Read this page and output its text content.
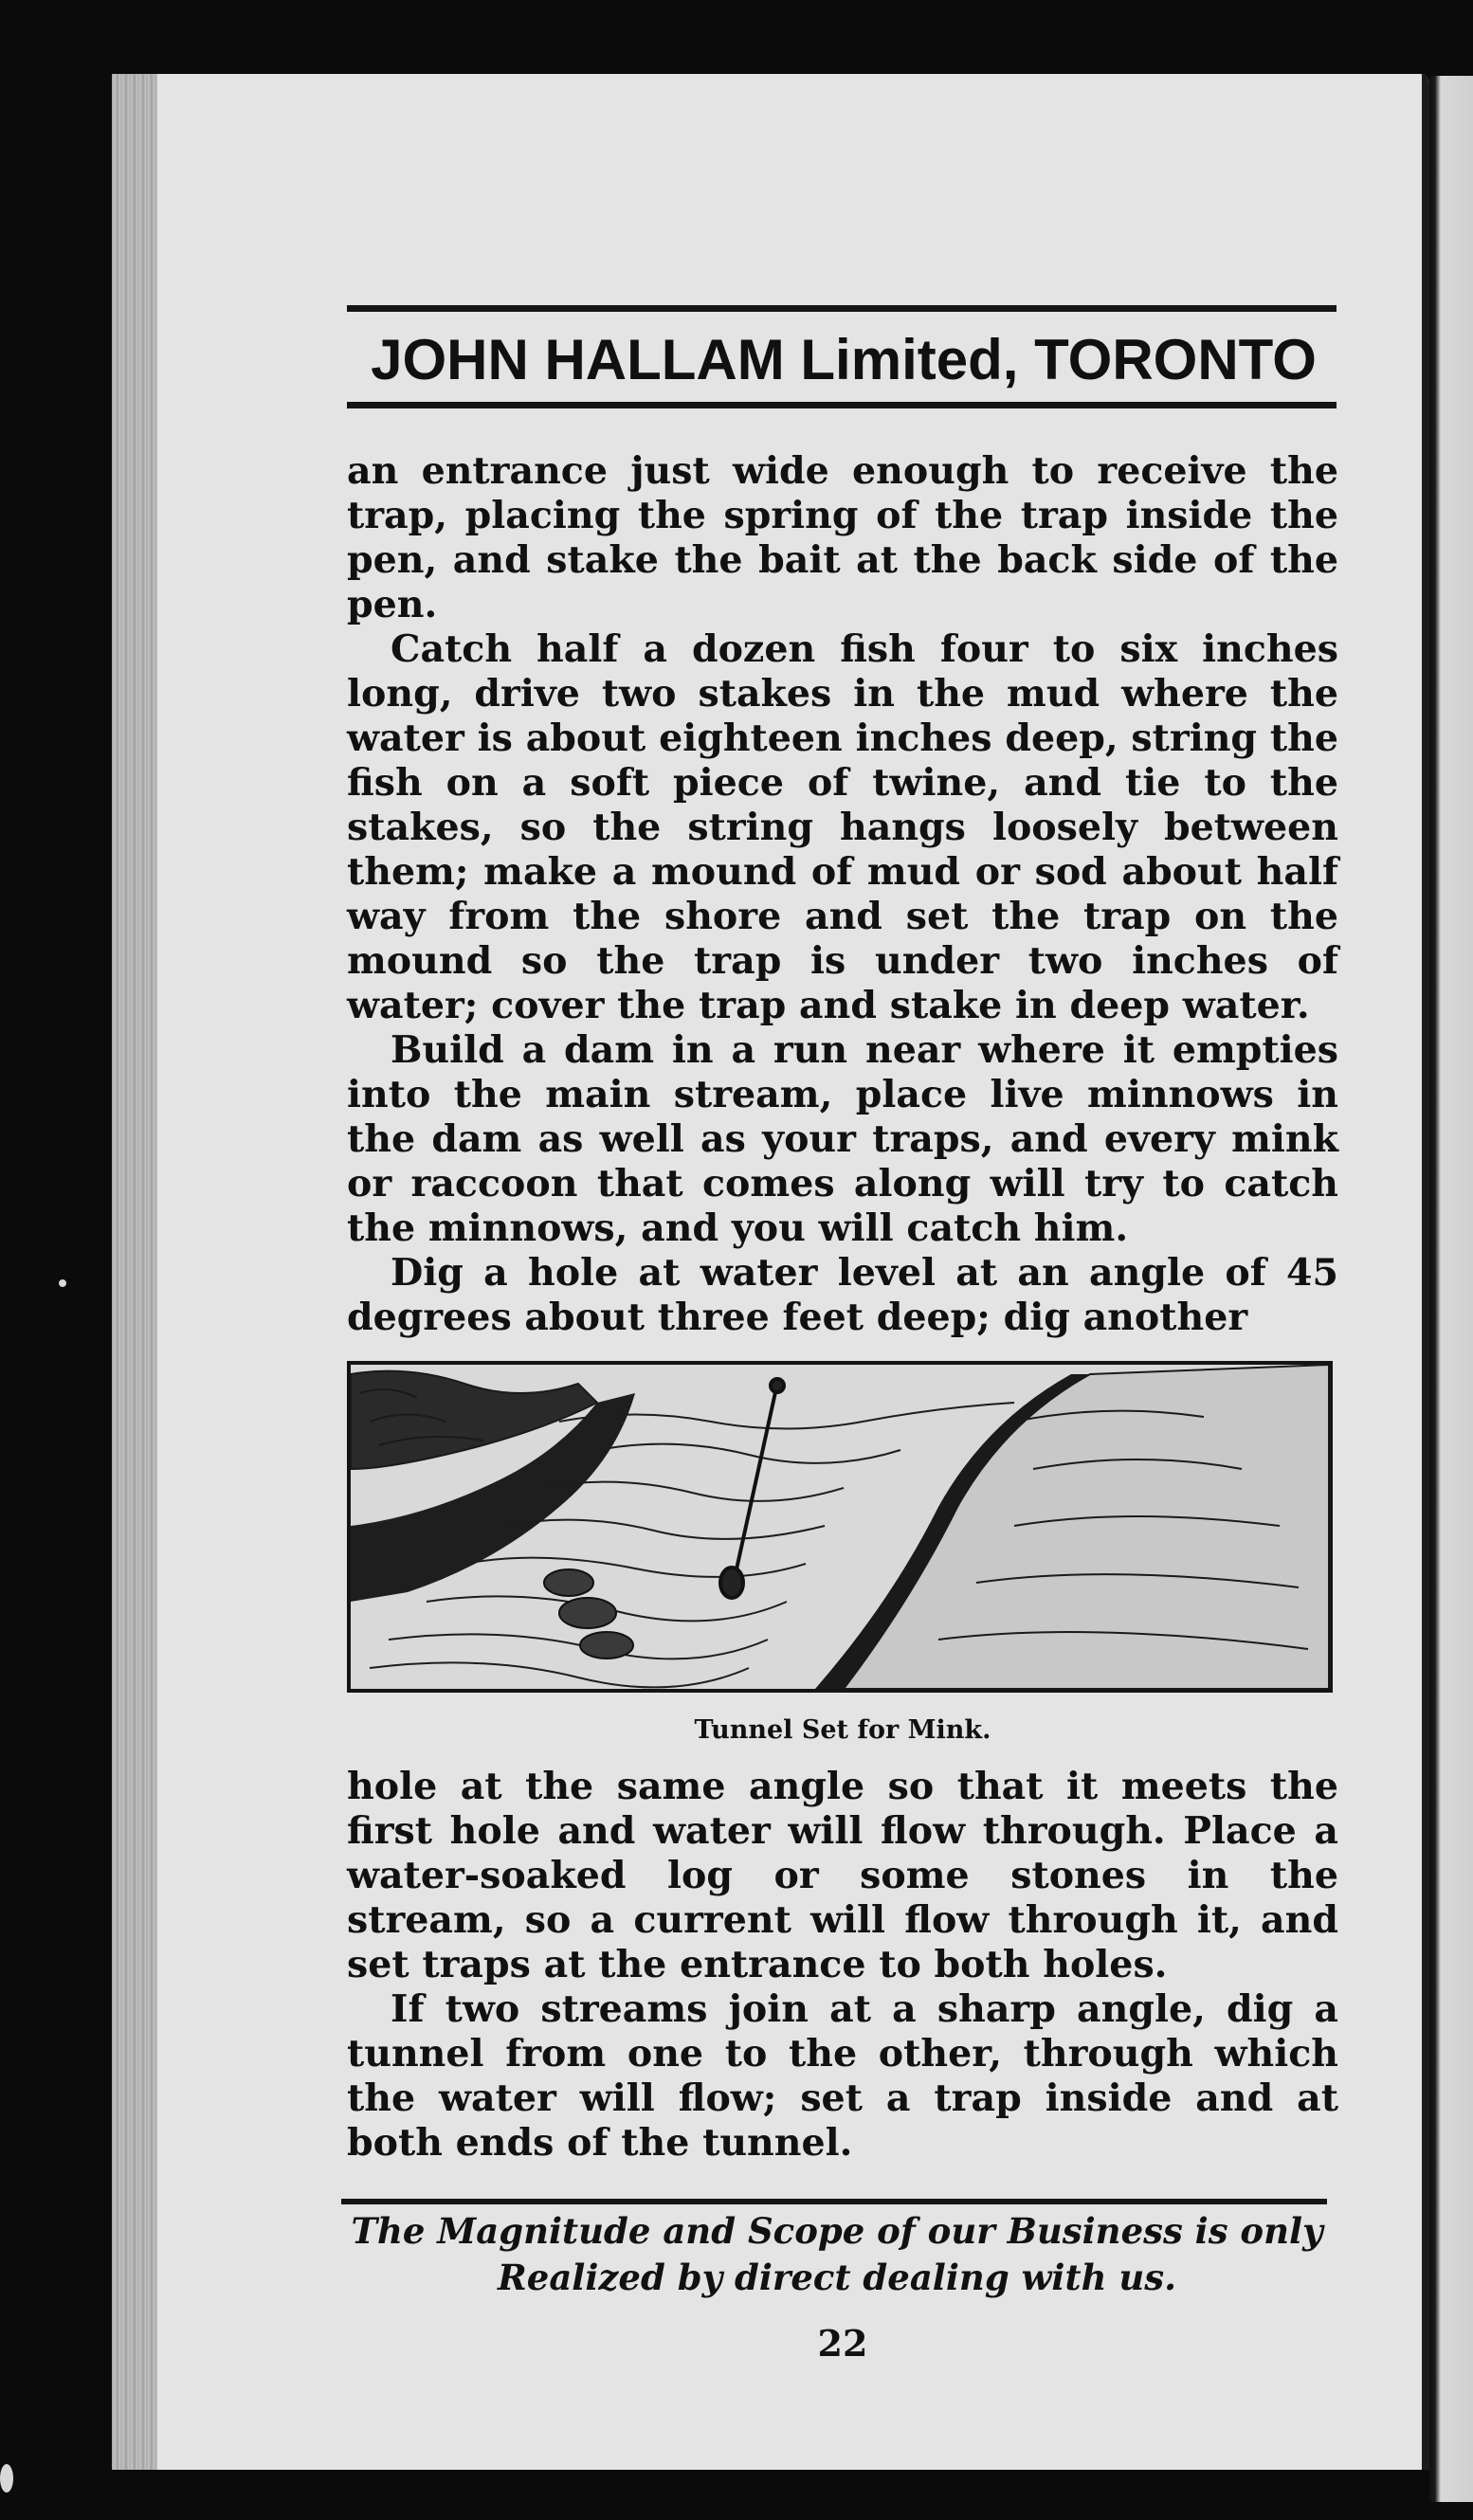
JOHN HALLAM Limited, TORONTO

an entrance just wide enough to receive the trap, placing the spring of the trap inside the pen, and stake the bait at the back side of the pen.

Catch half a dozen fish four to six inches long, drive two stakes in the mud where the water is about eighteen inches deep, string the fish on a soft piece of twine, and tie to the stakes, so the string hangs loosely between them; make a mound of mud or sod about half way from the shore and set the trap on the mound so the trap is under two inches of water; cover the trap and stake in deep water.

Build a dam in a run near where it empties into the main stream, place live minnows in the dam as well as your traps, and every mink or raccoon that comes along will try to catch the minnows, and you will catch him.

Dig a hole at water level at an angle of 45 degrees about three feet deep; dig another

Tunnel Set for Mink.

hole at the same angle so that it meets the first hole and water will flow through. Place a water-soaked log or some stones in the stream, so a current will flow through it, and set traps at the entrance to both holes.

If two streams join at a sharp angle, dig a tunnel from one to the other, through which the water will flow; set a trap inside and at both ends of the tunnel.

The Magnitude and Scope of our Business is only
Realized by direct dealing with us.
22
